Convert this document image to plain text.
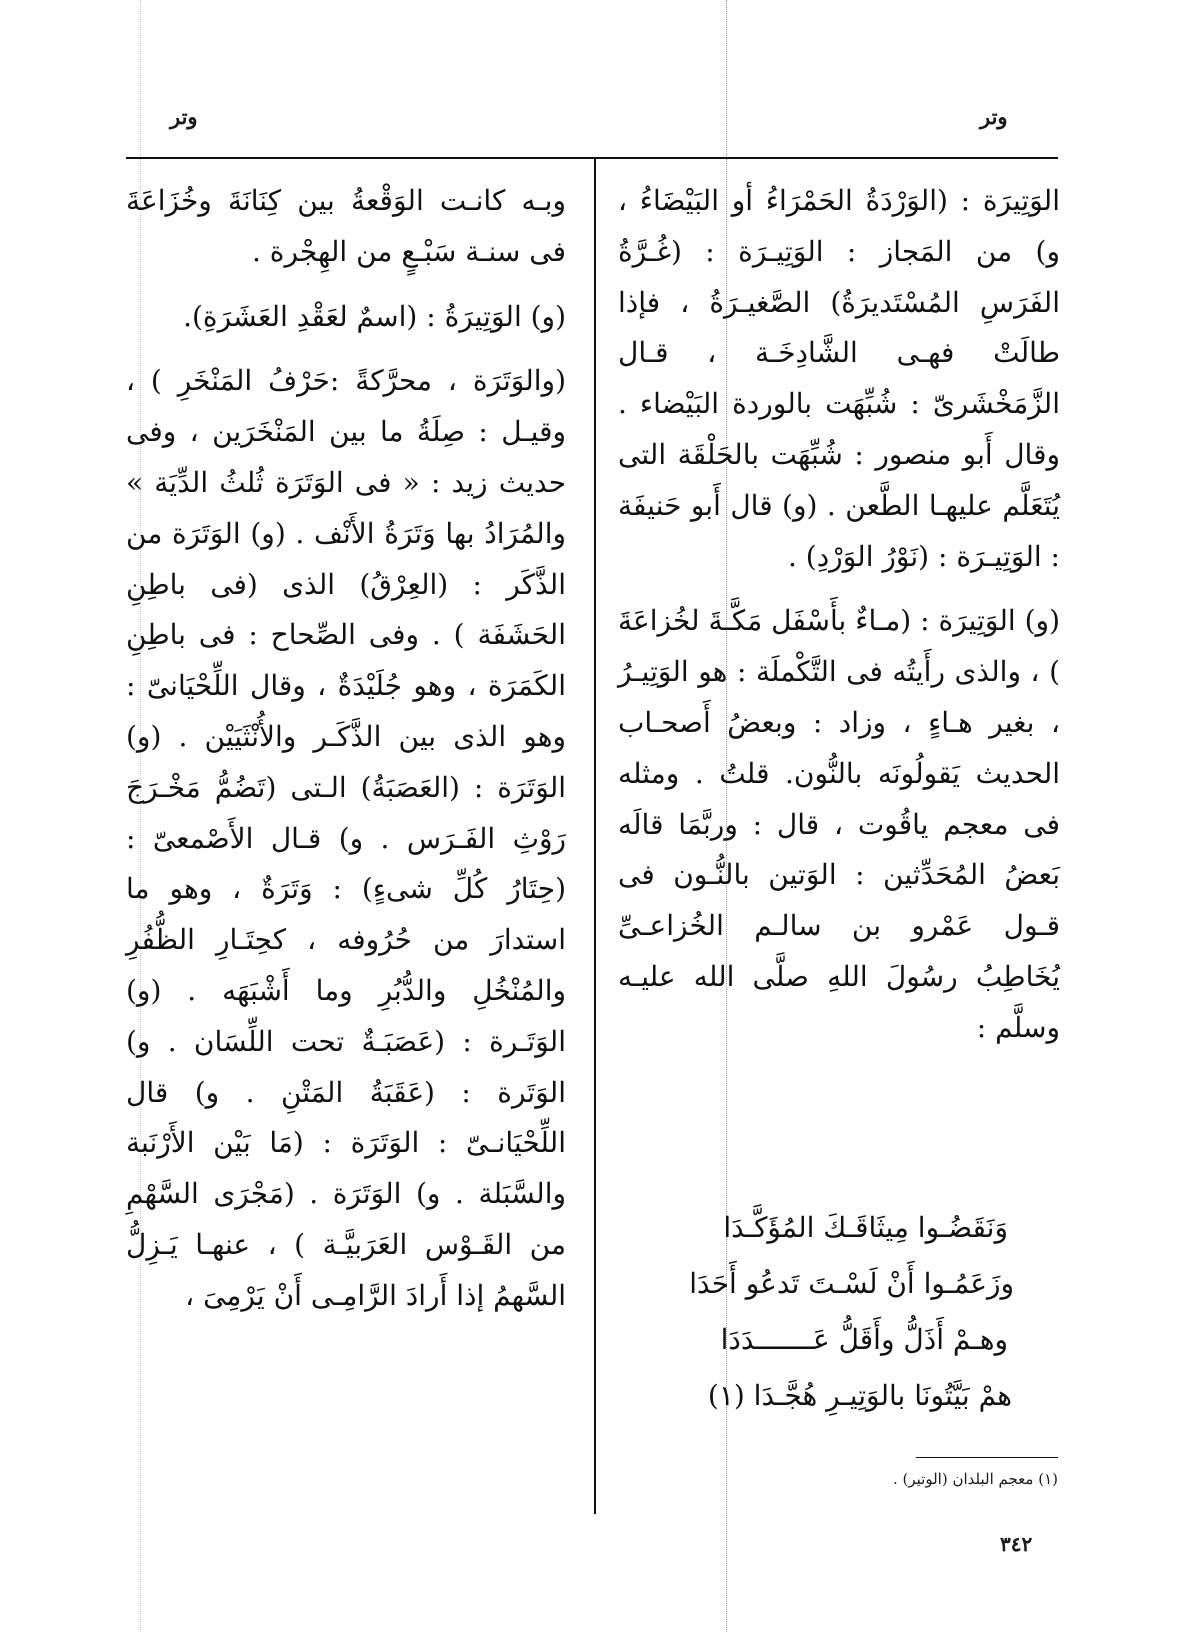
وتر
وتر

الوَتِيرَة : (الوَرْدَةُ الحَمْرَاءُ أو البَيْضَاءُ ، و) من المَجاز : الوَتِيـرَة : (غُـرَّةُ الفَرَسِ المُسْتَديرَةُ) الصَّغيـرَةُ ، فإذا طالَتْ فهـى الشَّادِخَـة ، قـال الزَّمَخْشَرىّ : شُبِّهَت بالوردة البَيْضاء . وقال أَبو منصور : شُبِّهَت بالحَلْقَة التى يُتَعَلَّم عليهـا الطَّعن . (و) قال أَبو حَنيفَة : الوَتِيـرَة : (نَوْرُ الوَرْدِ) .

(و) الوَتِيرَة : (مـاءٌ بأَسْفَل مَكَّـةَ لخُزاعَةَ ) ، والذى رأَيتُه فى التَّكْملَة : هو الوَتِيـرُ ، بغير هـاءٍ ، وزاد : وبعضُ أَصحـاب الحديث يَقولُونَه بالنُّون. قلتُ . ومثله فى معجم ياقُوت ، قال : وربَّمَا قالَه بَعضُ المُحَدِّثين : الوَتين بالنُّـون فى قـول عَمْرو بن سالـم الخُزاعـىِّ يُخَاطِبُ رسُولَ اللهِ صلَّى الله عليـه وسلَّم :

وَنَقَضُـوا مِيثَاقَـكَ المُؤَكَّـدَا
وزَعَمُـوا أَنْ لَسْـتَ تَدعُو أَحَدَا
وهـمْ أَذَلُّ وأَقَلُّ عَـــــــدَدَا
همْ بَيَّتُونَا بالوَتِيـرِ هُجَّـدَا (١)
(١) معجم البلدان (الوتير) .

وبـه كانـت الوَقْعةُ بين كِنَانَةَ وخُزَاعَةَ فى سنـة سَبْـعٍ من الهِجْرة .

(و) الوَتِيرَةُ : (اسمٌ لعَقْدِ العَشَرَةِ).

(والوَتَرَة ، محرَّكةً :حَرْفُ المَنْخَرِ ) ، وقيـل : صِلَةُ ما بين المَنْخَرَين ، وفى حديث زيد : « فى الوَتَرَة ثُلثُ الدِّيَة » والمُرَادُ بها وَتَرَةُ الأَنْف . (و) الوَتَرَة من الذَّكَر : (العِرْقُ) الذى (فى باطِنِ الحَشَفَة ) . وفى الصِّحاح : فى باطِنِ الكَمَرَة ، وهو جُلَيْدَةٌ ، وقال اللِّحْيَانىّ : وهو الذى بين الذَّكَـر والأُنْثَيَيْن . (و) الوَتَرَة : (العَصَبَةُ) الـتى (تَضُمُّ مَخْـرَجَ رَوْثِ الفَـرَس . و) قـال الأَصْمعىّ : (حِتَارُ كُلِّ شىءٍ) : وَتَرَةٌ ، وهو ما استدارَ من حُرُوفه ، كحِتَـارِ الظُّفُرِ والمُنْخُلِ والدُّبُرِ وما أَشْبَهَه . (و) الوَتَـرة : (عَصَبَـةٌ تحت اللِّسَان . و) الوَتَرة : (عَقَبَةُ المَتْنِ . و) قال اللِّحْيَانـىّ : الوَتَرَة : (مَا بَيْن الأَرْنَبة والسَّبَلة . و) الوَتَرَة . (مَجْرَى السَّهْمِ من القَـوْس العَرَبيَّـة ) ، عنهـا يَـزِلُّ السَّهمُ إذا أَرادَ الرَّامِـى أَنْ يَرْمِىَ ،

٣٤٢
